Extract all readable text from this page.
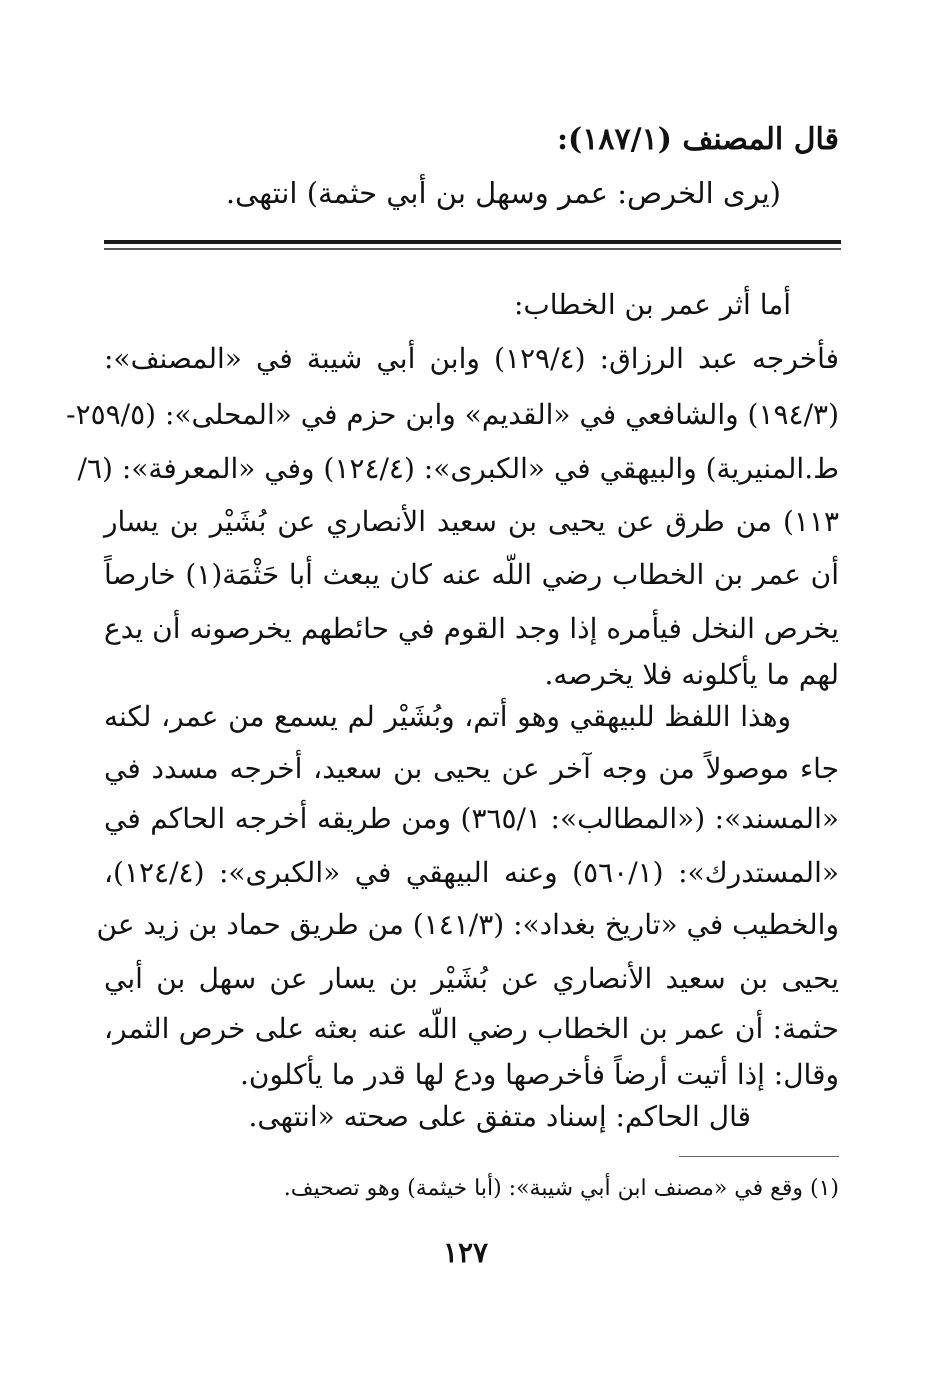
قال المصنف (١٨٧/١):
(يرى الخرص: عمر وسهل بن أبي حثمة) انتهى.
أما أثر عمر بن الخطاب:
فأخرجه عبد الرزاق: (١٢٩/٤) وابن أبي شيبة في «المصنف»:
(١٩٤/٣) والشافعي في «القديم» وابن حزم في «المحلى»: (٢٥٩/٥-
ط.المنيرية) والبيهقي في «الكبرى»: (١٢٤/٤) وفي «المعرفة»: (٦/
١١٣) من طرق عن يحيى بن سعيد الأنصاري عن بُشَيْر بن يسار
أن عمر بن الخطاب رضي اللّه عنه كان يبعث أبا حَثْمَة(١) خارصاً
يخرص النخل فيأمره إذا وجد القوم في حائطهم يخرصونه أن يدع
لهم ما يأكلونه فلا يخرصه.
وهذا اللفظ للبيهقي وهو أتم، وبُشَيْر لم يسمع من عمر، لكنه
جاء موصولاً من وجه آخر عن يحيى بن سعيد، أخرجه مسدد في
«المسند»: («المطالب»: ٣٦٥/١) ومن طريقه أخرجه الحاكم في
«المستدرك»: (٥٦٠/١) وعنه البيهقي في «الكبرى»: (١٢٤/٤)،
والخطيب في «تاريخ بغداد»: (١٤١/٣) من طريق حماد بن زيد عن
يحيى بن سعيد الأنصاري عن بُشَيْر بن يسار عن سهل بن أبي
حثمة: أن عمر بن الخطاب رضي اللّه عنه بعثه على خرص الثمر،
وقال: إذا أتيت أرضاً فأخرصها ودع لها قدر ما يأكلون.
قال الحاكم: إسناد متفق على صحته «انتهى.
(١) وقع في «مصنف ابن أبي شيبة»: (أبا خيثمة) وهو تصحيف.
١٢٧
